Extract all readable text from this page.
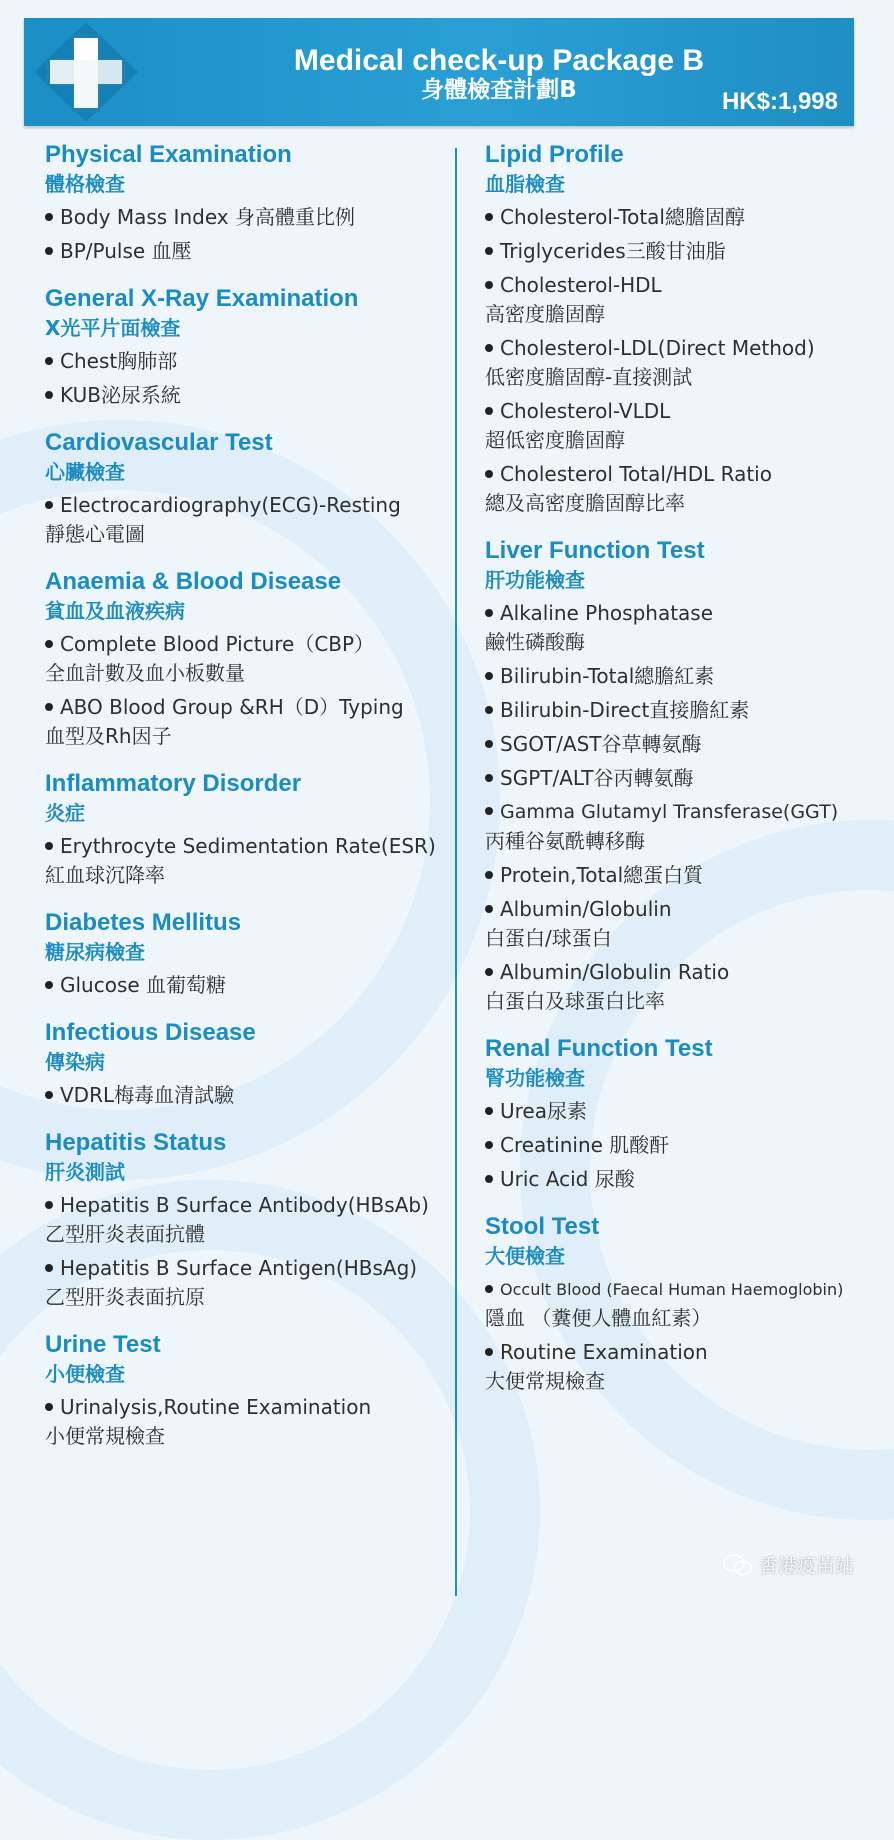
Medical check-up Package B
身體檢查計劃B	HK$:1,998
Physical Examination
體格檢查
Body Mass Index 身高體重比例
BP/Pulse 血壓
General X-Ray Examination
X光平片面檢查
Chest胸肺部
KUB泌尿系統
Cardiovascular Test
心臟檢查
Electrocardiography(ECG)-Resting
靜態心電圖
Anaemia & Blood Disease
貧血及血液疾病
Complete Blood Picture（CBP）
全血計數及血小板數量
ABO Blood Group &RH（D）Typing
血型及Rh因子
Inflammatory Disorder
炎症
Erythrocyte Sedimentation Rate(ESR)
紅血球沉降率
Diabetes Mellitus
糖尿病檢查
Glucose 血葡萄糖
Infectious Disease
傳染病
VDRL梅毒血清試驗
Hepatitis Status
肝炎測試
Hepatitis B Surface Antibody(HBsAb)
乙型肝炎表面抗體
Hepatitis B Surface Antigen(HBsAg)
乙型肝炎表面抗原
Urine Test
小便檢查
Urinalysis,Routine Examination
小便常規檢查
Lipid Profile
血脂檢查
Cholesterol-Total總膽固醇
Triglycerides三酸甘油脂
Cholesterol-HDL
高密度膽固醇
Cholesterol-LDL(Direct Method)
低密度膽固醇-直接測試
Cholesterol-VLDL
超低密度膽固醇
Cholesterol Total/HDL Ratio
總及高密度膽固醇比率
Liver Function Test
肝功能檢查
Alkaline Phosphatase
鹼性磷酸酶
Bilirubin-Total總膽紅素
Bilirubin-Direct直接膽紅素
SGOT/AST谷草轉氨酶
SGPT/ALT谷丙轉氨酶
Gamma Glutamyl Transferase(GGT)
丙種谷氨酰轉移酶
Protein,Total總蛋白質
Albumin/Globulin
白蛋白/球蛋白
Albumin/Globulin Ratio
白蛋白及球蛋白比率
Renal Function Test
腎功能檢查
Urea尿素
Creatinine 肌酸酐
Uric Acid 尿酸
Stool Test
大便檢查
Occult Blood (Faecal Human Haemoglobin)
隱血 （糞便人體血紅素）
Routine Examination
大便常規檢查
香港疫苗站
